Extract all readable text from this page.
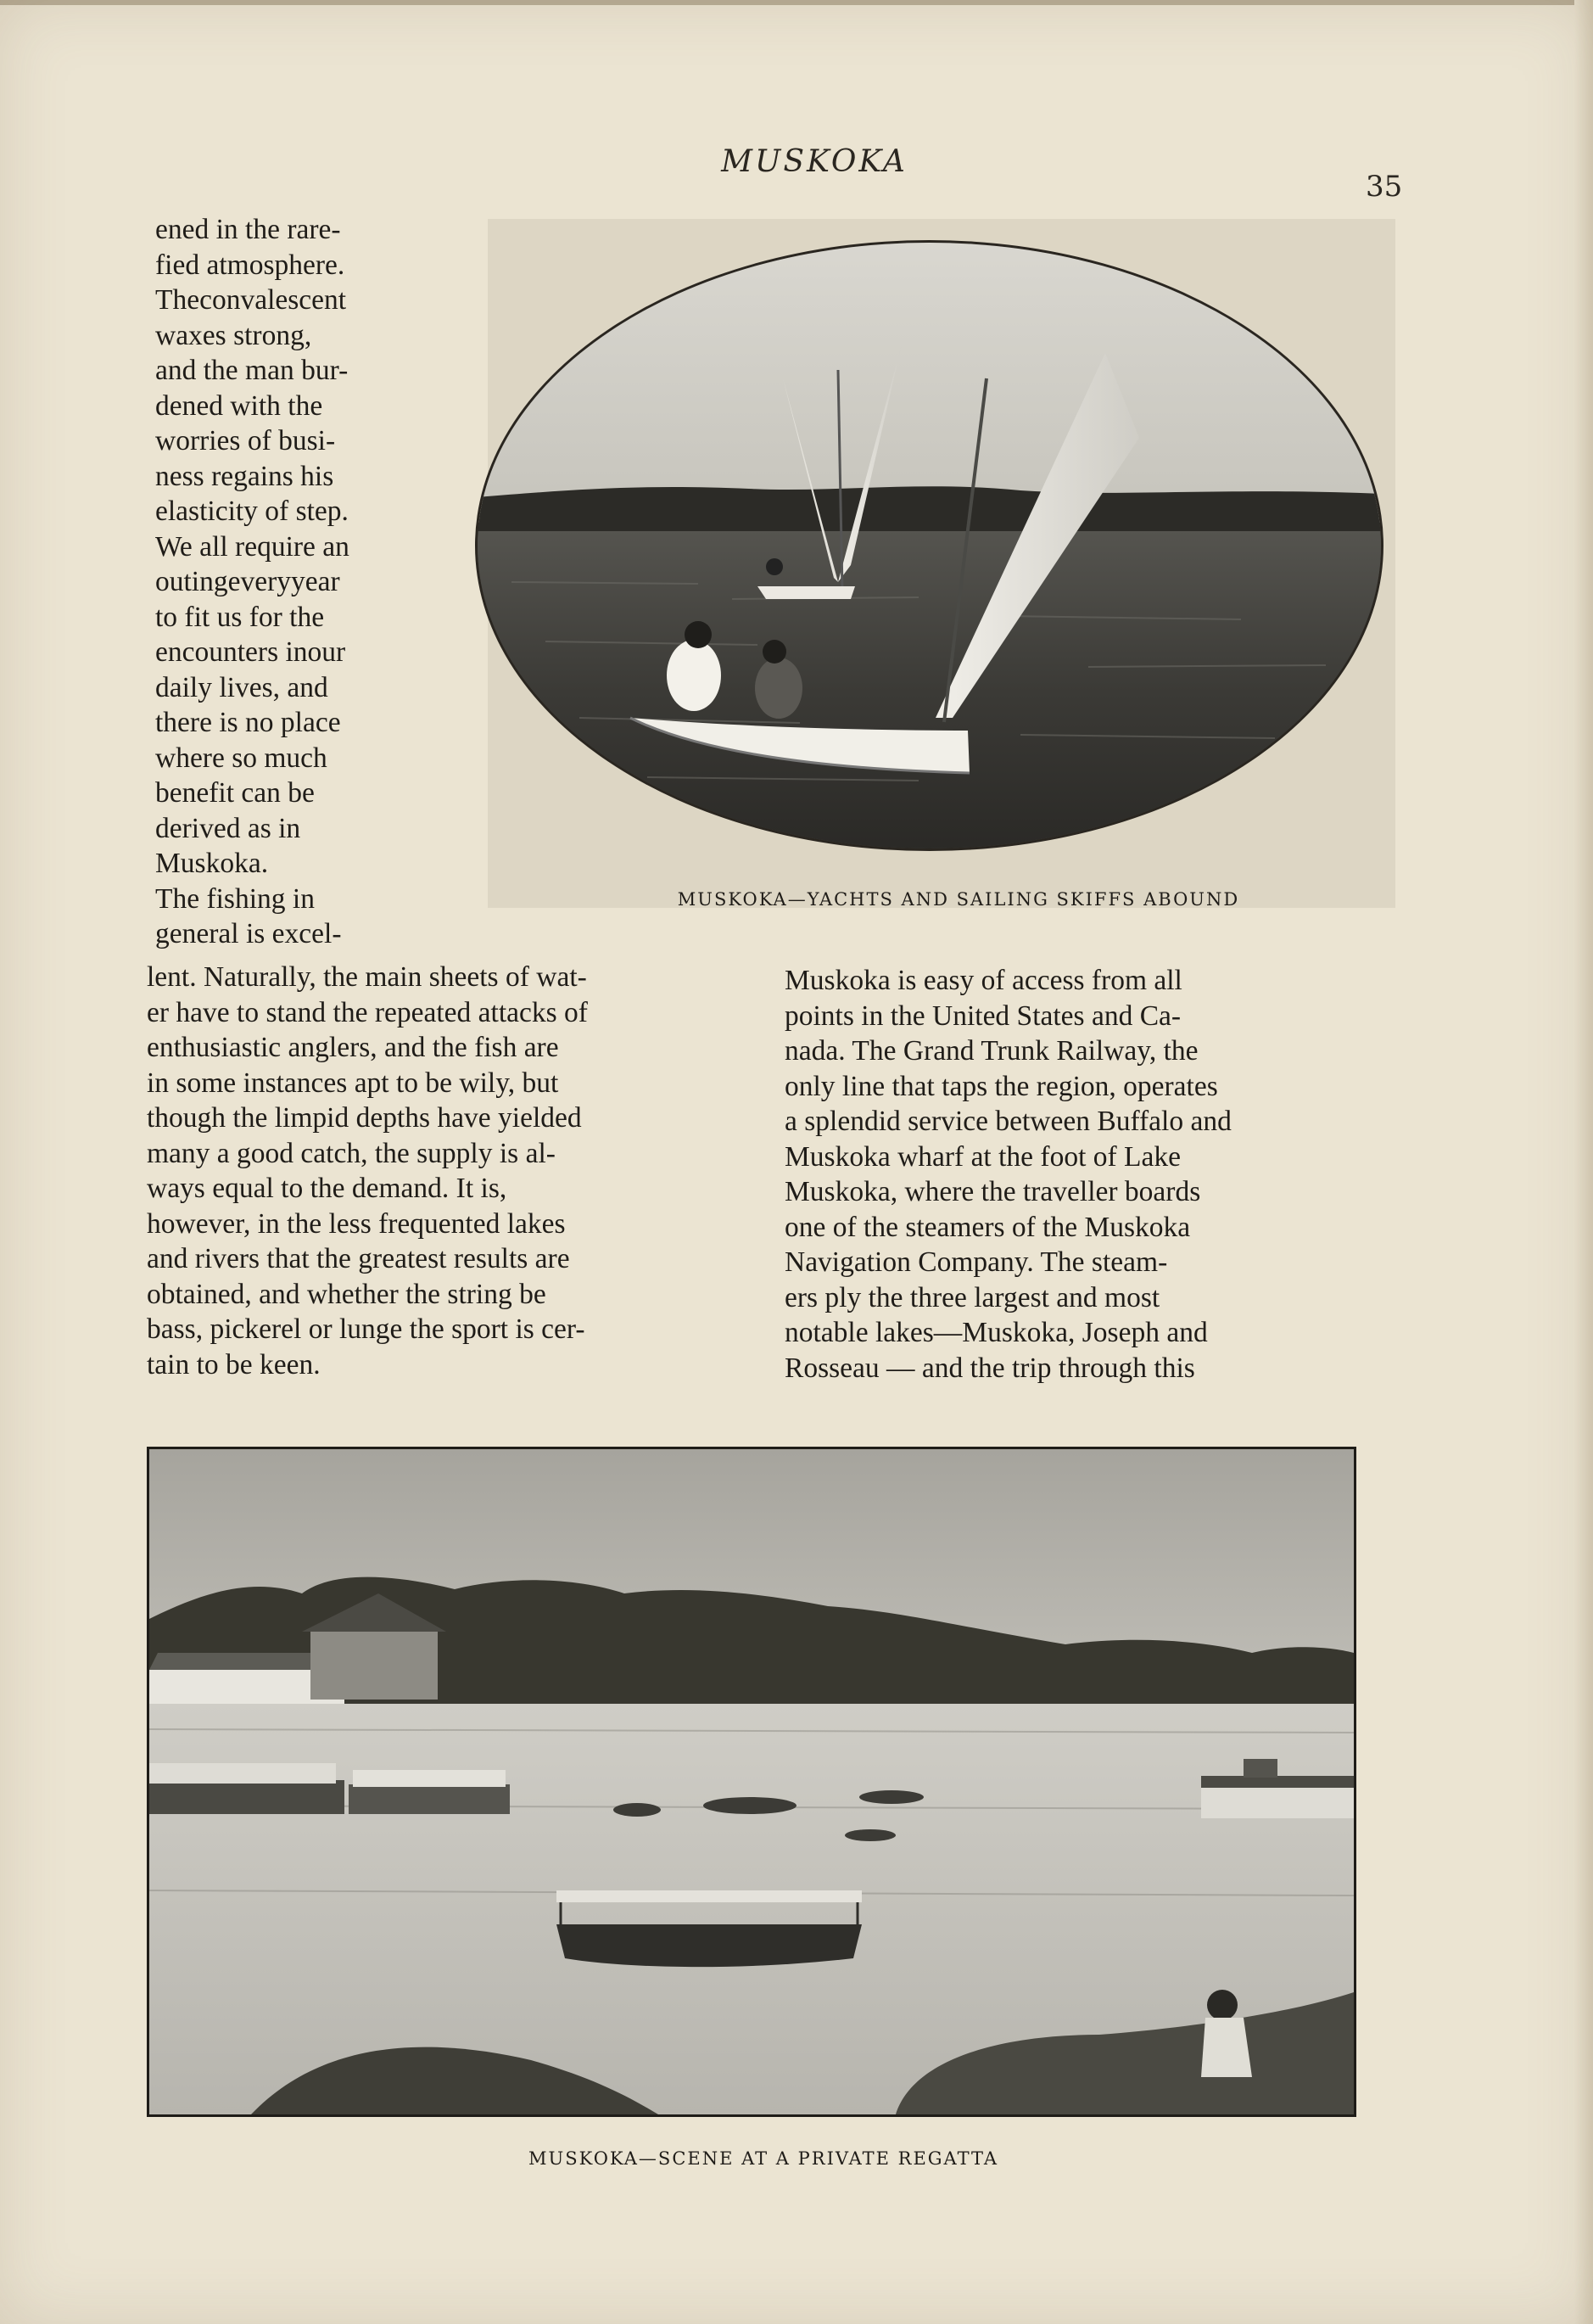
MUSKOKA
35
MUSKOKA—YACHTS AND SAILING SKIFFS ABOUND
ened in the rare-
fied atmosphere.
Theconvalescent
waxes strong,
and the man bur-
dened with the
worries of busi-
ness regains his
elasticity of step.
We all require an
outingeveryyear
to fit us for the
encounters inour
daily lives, and
there is no place
where so much
benefit can be
derived as in
Muskoka.
The fishing in
general is excel-
lent. Naturally, the main sheets of wat-
er have to stand the repeated attacks of
enthusiastic anglers, and the fish are
in some instances apt to be wily, but
though the limpid depths have yielded
many a good catch, the supply is al-
ways equal to the demand. It is,
however, in the less frequented lakes
and rivers that the greatest results are
obtained, and whether the string be
bass, pickerel or lunge the sport is cer-
tain to be keen.
Muskoka is easy of access from all
points in the United States and Ca-
nada. The Grand Trunk Railway, the
only line that taps the region, operates
a splendid service between Buffalo and
Muskoka wharf at the foot of Lake
Muskoka, where the traveller boards
one of the steamers of the Muskoka
Navigation Company. The steam-
ers ply the three largest and most
notable lakes—Muskoka, Joseph and
Rosseau — and the trip through this
MUSKOKA—SCENE AT A PRIVATE REGATTA
